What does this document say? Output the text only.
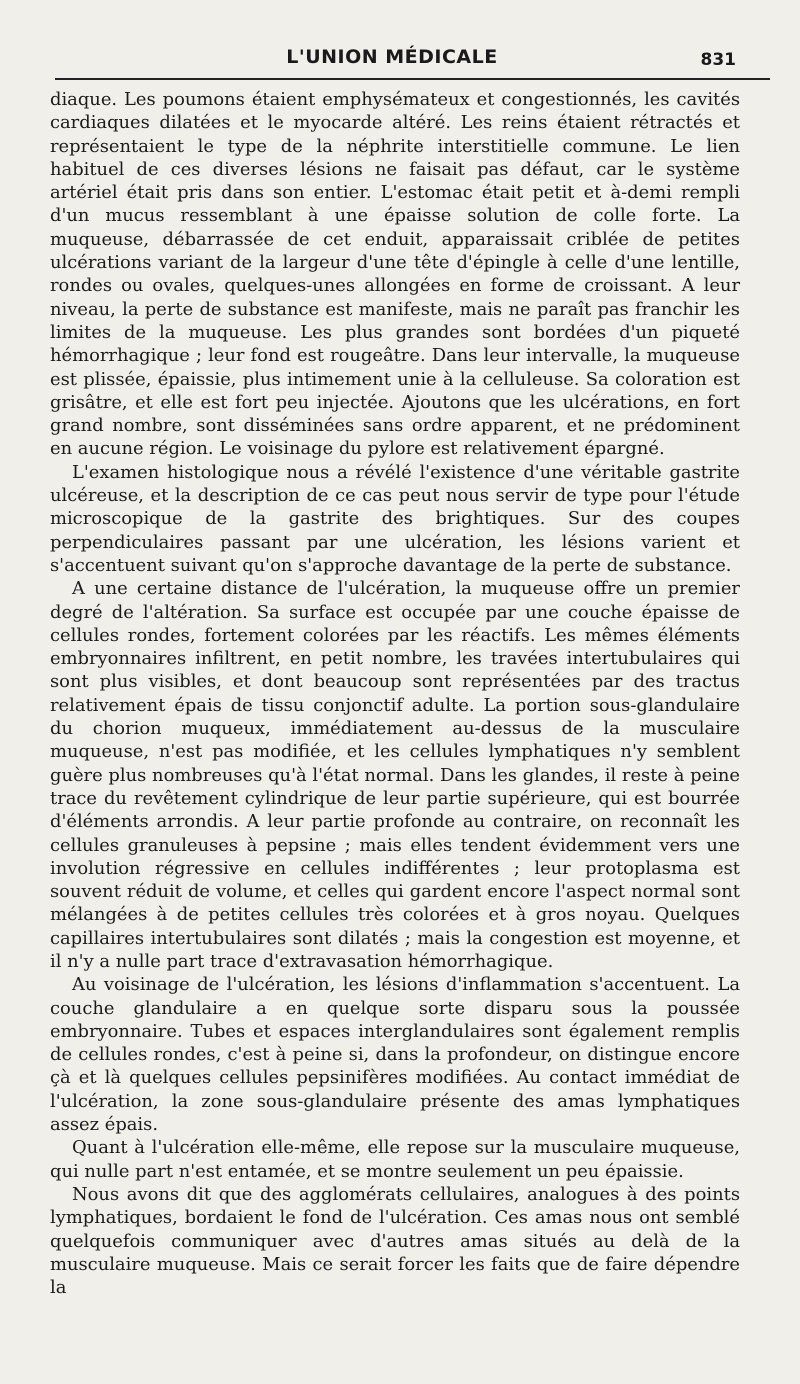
L'UNION MÉDICALE	831

diaque. Les poumons étaient emphysémateux et congestionnés, les cavités cardiaques dilatées et le myocarde altéré. Les reins étaient rétractés et représentaient le type de la néphrite interstitielle commune. Le lien habituel de ces diverses lésions ne faisait pas défaut, car le système artériel était pris dans son entier. L'estomac était petit et à-demi rempli d'un mucus ressemblant à une épaisse solution de colle forte. La muqueuse, débarrassée de cet enduit, apparaissait criblée de petites ulcérations variant de la largeur d'une tête d'épingle à celle d'une lentille, rondes ou ovales, quelques-unes allongées en forme de croissant. A leur niveau, la perte de substance est manifeste, mais ne paraît pas franchir les limites de la muqueuse. Les plus grandes sont bordées d'un piqueté hémorrhagique ; leur fond est rougeâtre. Dans leur intervalle, la muqueuse est plissée, épaissie, plus intimement unie à la celluleuse. Sa coloration est grisâtre, et elle est fort peu injectée. Ajoutons que les ulcérations, en fort grand nombre, sont disséminées sans ordre apparent, et ne prédominent en aucune région. Le voisinage du pylore est relativement épargné.

L'examen histologique nous a révélé l'existence d'une véritable gastrite ulcéreuse, et la description de ce cas peut nous servir de type pour l'étude microscopique de la gastrite des brightiques. Sur des coupes perpendiculaires passant par une ulcération, les lésions varient et s'accentuent suivant qu'on s'approche davantage de la perte de substance.

A une certaine distance de l'ulcération, la muqueuse offre un premier degré de l'altération. Sa surface est occupée par une couche épaisse de cellules rondes, fortement colorées par les réactifs. Les mêmes éléments embryonnaires infiltrent, en petit nombre, les travées intertubulaires qui sont plus visibles, et dont beaucoup sont représentées par des tractus relativement épais de tissu conjonctif adulte. La portion sous-glandulaire du chorion muqueux, immédiatement au-dessus de la musculaire muqueuse, n'est pas modifiée, et les cellules lymphatiques n'y semblent guère plus nombreuses qu'à l'état normal. Dans les glandes, il reste à peine trace du revêtement cylindrique de leur partie supérieure, qui est bourrée d'éléments arrondis. A leur partie profonde au contraire, on reconnaît les cellules granuleuses à pepsine ; mais elles tendent évidemment vers une involution régressive en cellules indifférentes ; leur protoplasma est souvent réduit de volume, et celles qui gardent encore l'aspect normal sont mélangées à de petites cellules très colorées et à gros noyau. Quelques capillaires intertubulaires sont dilatés ; mais la congestion est moyenne, et il n'y a nulle part trace d'extravasation hémorrhagique.

Au voisinage de l'ulcération, les lésions d'inflammation s'accentuent. La couche glandulaire a en quelque sorte disparu sous la poussée embryonnaire. Tubes et espaces interglandulaires sont également remplis de cellules rondes, c'est à peine si, dans la profondeur, on distingue encore çà et là quelques cellules pepsinifères modifiées. Au contact immédiat de l'ulcération, la zone sous-glandulaire présente des amas lymphatiques assez épais.

Quant à l'ulcération elle-même, elle repose sur la musculaire muqueuse, qui nulle part n'est entamée, et se montre seulement un peu épaissie.

Nous avons dit que des agglomérats cellulaires, analogues à des points lymphatiques, bordaient le fond de l'ulcération. Ces amas nous ont semblé quelquefois communiquer avec d'autres amas situés au delà de la musculaire muqueuse. Mais ce serait forcer les faits que de faire dépendre la
